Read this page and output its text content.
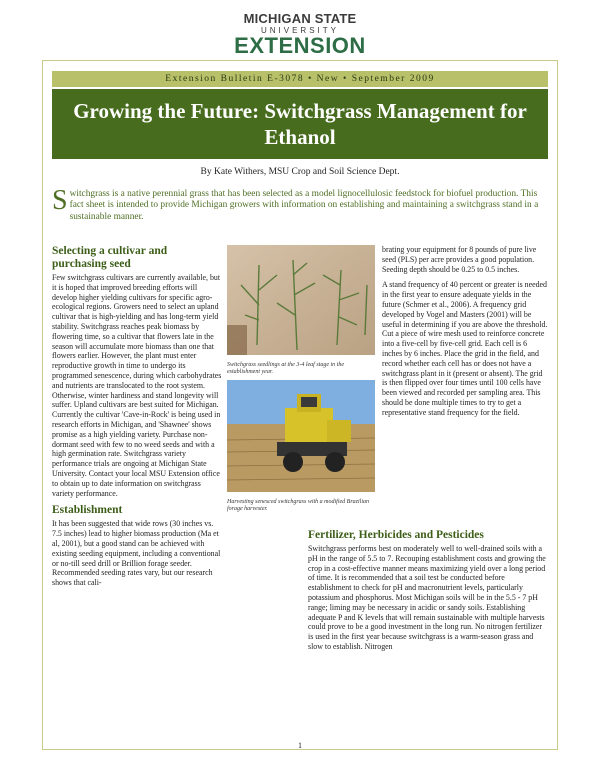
MICHIGAN STATE
UNIVERSITY
EXTENSION
Extension Bulletin E-3078 • New • September 2009
Growing the Future: Switchgrass Management for Ethanol
By Kate Withers, MSU Crop and Soil Science Dept.
Switchgrass is a native perennial grass that has been selected as a model lignocellulosic feedstock for biofuel production. This fact sheet is intended to provide Michigan growers with information on establishing and maintaining a switchgrass stand in a sustainable manner.
Selecting a cultivar and purchasing seed

Few switchgrass cultivars are currently available, but it is hoped that improved breeding efforts will develop higher yielding cultivars for specific agro-ecological regions. Growers need to select an upland cultivar that is high-yielding and has long-term yield stability. Switchgrass reaches peak biomass by flowering time, so a cultivar that flowers late in the season will accumulate more biomass than one that flowers earlier. However, the plant must enter reproductive growth in time to undergo its programmed senescence, during which carbohydrates and nutrients are translocated to the root system. Otherwise, winter hardiness and stand longevity will suffer. Upland cultivars are best suited for Michigan. Currently the cultivar 'Cave-in-Rock' is being used in research efforts in Michigan, and 'Shawnee' shows promise as a high yielding variety. Purchase non-dormant seed with few to no weed seeds and with a high germination rate. Switchgrass variety performance trials are ongoing at Michigan State University. Contact your local MSU Extension office to obtain up to date information on switchgrass variety performance.

Establishment

It has been suggested that wide rows (30 inches vs. 7.5 inches) lead to higher biomass production (Ma et al, 2001), but a good stand can be achieved with existing seeding equipment, including a conventional or no-till seed drill or Brillion forage seeder. Recommended seeding rates vary, but our research shows that cali-

Switchgrass seedlings at the 3-4 leaf stage in the establishment year.
Harvesting senesced switchgrass with a modified Brazilian forage harvester.

brating your equipment for 8 pounds of pure live seed (PLS) per acre provides a good population. Seeding depth should be 0.25 to 0.5 inches.

A stand frequency of 40 percent or greater is needed in the first year to ensure adequate yields in the future (Schmer et al., 2006). A frequency grid developed by Vogel and Masters (2001) will be useful in determining if you are above the threshold. Cut a piece of wire mesh used to reinforce concrete into a five-cell by five-cell grid. Each cell is 6 inches by 6 inches. Place the grid in the field, and record whether each cell has or does not have a switchgrass plant in it (present or absent). The grid is then flipped over four times until 100 cells have been viewed and recorded per sampling area. This should be done multiple times to try to get a representative stand frequency for the field.

Fertilizer, Herbicides and Pesticides

Switchgrass performs best on moderately well to well-drained soils with a pH in the range of 5.5 to 7. Recouping establishment costs and growing the crop in a cost-effective manner means maximizing yield over a long period of time. It is recommended that a soil test be conducted before establishment to check for pH and macronutrient levels, particularly potassium and phosphorus. Most Michigan soils will be in the 5.5 - 7 pH range; liming may be necessary in acidic or sandy soils. Establishing adequate P and K levels that will remain sustainable with multiple harvests could prove to be a good investment in the long run. No nitrogen fertilizer is used in the first year because switchgrass is a warm-season grass and slow to establish. Nitrogen

1
